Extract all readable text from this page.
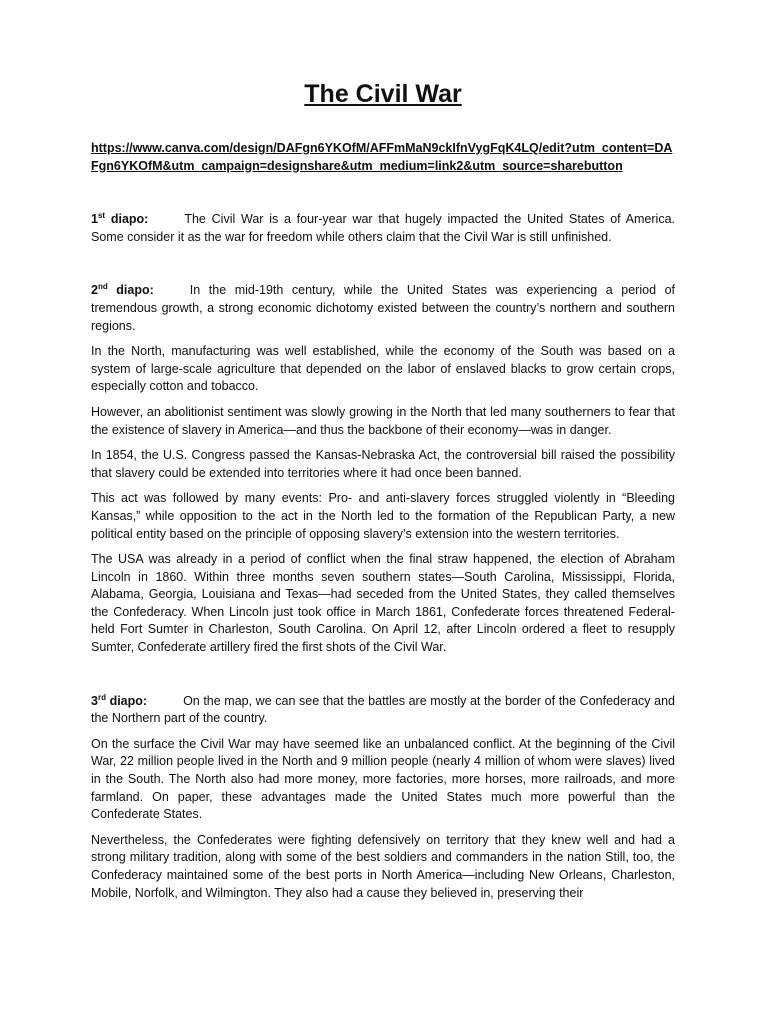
The Civil War
https://www.canva.com/design/DAFgn6YKOfM/AFFmMaN9ckIfnVygFqK4LQ/edit?utm_content=DAFgn6YKOfM&utm_campaign=designshare&utm_medium=link2&utm_source=sharebutton

1st diapo:	The Civil War is a four-year war that hugely impacted the United States of America. Some consider it as the war for freedom while others claim that the Civil War is still unfinished.

2nd diapo:	In the mid-19th century, while the United States was experiencing a period of tremendous growth, a strong economic dichotomy existed between the country’s northern and southern regions.

In the North, manufacturing was well established, while the economy of the South was based on a system of large-scale agriculture that depended on the labor of enslaved blacks to grow certain crops, especially cotton and tobacco.

However, an abolitionist sentiment was slowly growing in the North that led many southerners to fear that the existence of slavery in America—and thus the backbone of their economy—was in danger.

In 1854, the U.S. Congress passed the Kansas-Nebraska Act, the controversial bill raised the possibility that slavery could be extended into territories where it had once been banned.

This act was followed by many events: Pro- and anti-slavery forces struggled violently in “Bleeding Kansas,” while opposition to the act in the North led to the formation of the Republican Party, a new political entity based on the principle of opposing slavery’s extension into the western territories.

The USA was already in a period of conflict when the final straw happened, the election of Abraham Lincoln in 1860. Within three months seven southern states—South Carolina, Mississippi, Florida, Alabama, Georgia, Louisiana and Texas—had seceded from the United States, they called themselves the Confederacy. When Lincoln just took office in March 1861, Confederate forces threatened Federal-held Fort Sumter in Charleston, South Carolina. On April 12, after Lincoln ordered a fleet to resupply Sumter, Confederate artillery fired the first shots of the Civil War.

3rd diapo:	On the map, we can see that the battles are mostly at the border of the Confederacy and the Northern part of the country.

On the surface the Civil War may have seemed like an unbalanced conflict. At the beginning of the Civil War, 22 million people lived in the North and 9 million people (nearly 4 million of whom were slaves) lived in the South. The North also had more money, more factories, more horses, more railroads, and more farmland. On paper, these advantages made the United States much more powerful than the Confederate States.

Nevertheless, the Confederates were fighting defensively on territory that they knew well and had a strong military tradition, along with some of the best soldiers and commanders in the nation Still, too, the Confederacy maintained some of the best ports in North America—including New Orleans, Charleston, Mobile, Norfolk, and Wilmington. They also had a cause they believed in, preserving their
